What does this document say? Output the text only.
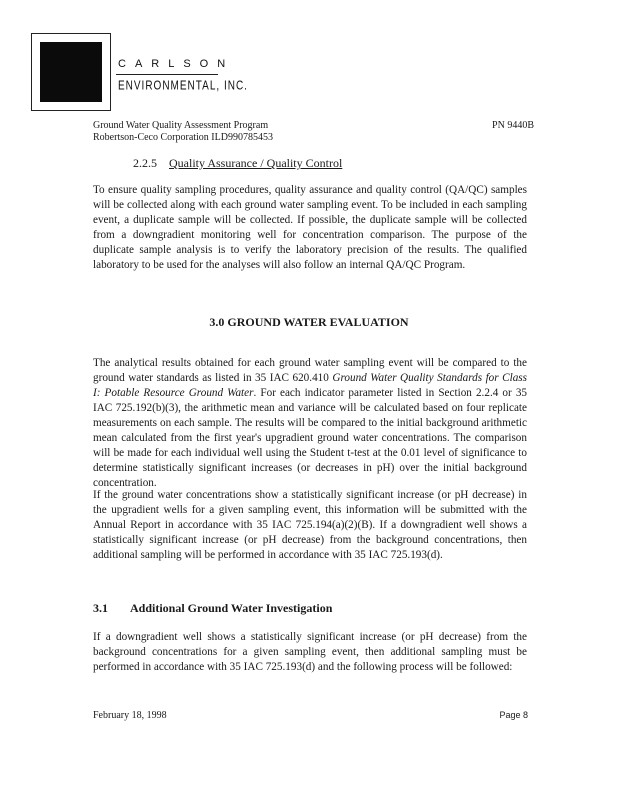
CARLSON
ENVIRONMENTAL, INC.
Ground Water Quality Assessment Program
Robertson-Ceco Corporation ILD990785453
PN 9440B
2.2.5 Quality Assurance / Quality Control
To ensure quality sampling procedures, quality assurance and quality control (QA/QC) samples will be collected along with each ground water sampling event. To be included in each sampling event, a duplicate sample will be collected. If possible, the duplicate sample will be collected from a downgradient monitoring well for concentration comparison. The purpose of the duplicate sample analysis is to verify the laboratory precision of the results. The qualified laboratory to be used for the analyses will also follow an internal QA/QC Program.
3.0 GROUND WATER EVALUATION
The analytical results obtained for each ground water sampling event will be compared to the ground water standards as listed in 35 IAC 620.410 Ground Water Quality Standards for Class I: Potable Resource Ground Water. For each indicator parameter listed in Section 2.2.4 or 35 IAC 725.192(b)(3), the arithmetic mean and variance will be calculated based on four replicate measurements on each sample. The results will be compared to the initial background arithmetic mean calculated from the first year's upgradient ground water concentrations. The comparison will be made for each individual well using the Student t-test at the 0.01 level of significance to determine statistically significant increases (or decreases in pH) over the initial background concentration.
If the ground water concentrations show a statistically significant increase (or pH decrease) in the upgradient wells for a given sampling event, this information will be submitted with the Annual Report in accordance with 35 IAC 725.194(a)(2)(B). If a downgradient well shows a statistically significant increase (or pH decrease) from the background concentrations, then additional sampling will be performed in accordance with 35 IAC 725.193(d).
3.1 Additional Ground Water Investigation
If a downgradient well shows a statistically significant increase (or pH decrease) from the background concentrations for a given sampling event, then additional sampling must be performed in accordance with 35 IAC 725.193(d) and the following process will be followed:
February 18, 1998	Page 8
